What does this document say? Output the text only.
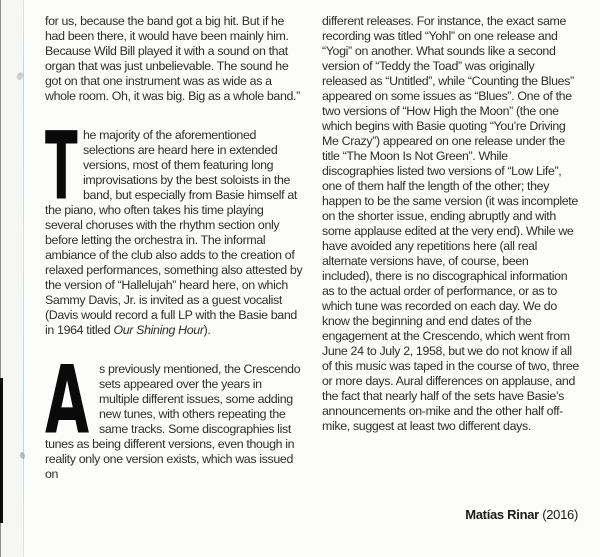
for us, because the band got a big hit. But if he had been there, it would have been mainly him. Because Wild Bill played it with a sound on that organ that was just unbelievable. The sound he got on that one instrument was as wide as a whole room. Oh, it was big. Big as a whole band.”

T he majority of the aforementioned selections are heard here in extended versions, most of them featuring long improvisations by the best soloists in the band, but especially from Basie himself at the piano, who often takes his time playing several choruses with the rhythm section only before letting the orchestra in. The informal ambiance of the club also adds to the creation of relaxed performances, something also attested by the version of “Hallelujah” heard here, on which Sammy Davis, Jr. is invited as a guest vocalist (Davis would record a full LP with the Basie band in 1964 titled Our Shining Hour).

A s previously mentioned, the Crescendo sets appeared over the years in multiple different issues, some adding new tunes, with others repeating the same tracks. Some discographies list tunes as being different versions, even though in reality only one version exists, which was issued on

different releases. For instance, the exact same recording was titled “Yohl” on one release and “Yogi” on another. What sounds like a second version of “Teddy the Toad” was originally released as “Untitled”, while “Counting the Blues” appeared on some issues as “Blues”. One of the two versions of “How High the Moon” (the one which begins with Basie quoting “You’re Driving Me Crazy”) appeared on one release under the title “The Moon Is Not Green”. While discographies listed two versions of “Low Life”, one of them half the length of the other; they happen to be the same version (it was incomplete on the shorter issue, ending abruptly and with some applause edited at the very end). While we have avoided any repetitions here (all real alternate versions have, of course, been included), there is no discographical information as to the actual order of performance, or as to which tune was recorded on each day. We do know the beginning and end dates of the engagement at the Crescendo, which went from June 24 to July 2, 1958, but we do not know if all of this music was taped in the course of two, three or more days. Aural differences on applause, and the fact that nearly half of the sets have Basie’s announcements on-mike and the other half off-mike, suggest at least two different days.

Matías Rinar (2016)
